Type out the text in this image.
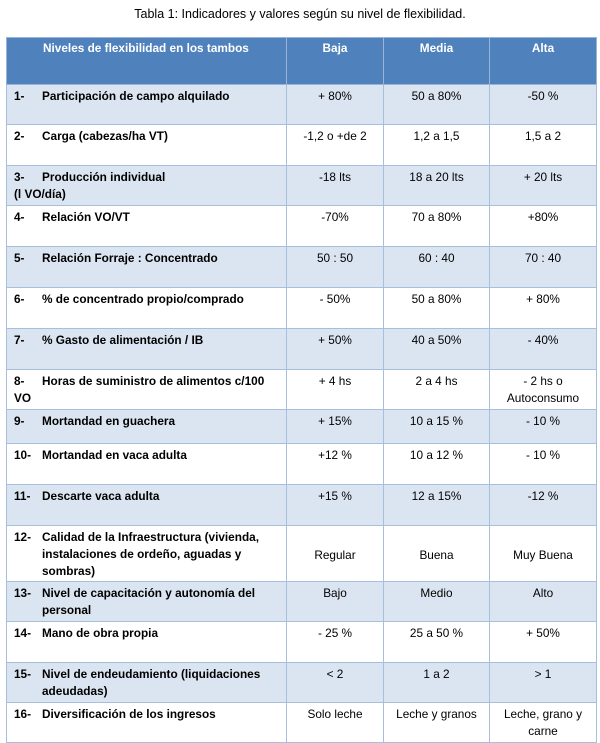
Tabla 1: Indicadores y valores según su nivel de flexibilidad.
Niveles de flexibilidad en los tambos	Baja	Media	Alta
1- Participación de campo alquilado	+ 80%	50 a 80%	-50 %
2- Carga (cabezas/ha VT)	-1,2 o +de 2	1,2 a 1,5	1,5 a 2
3- Producción individual
(l VO/día)	-18 lts	18 a 20 lts	+ 20 lts
4- Relación VO/VT	-70%	70 a 80%	+80%
5- Relación Forraje : Concentrado	50 : 50	60 : 40	70 : 40
6- % de concentrado propio/comprado	- 50%	50 a 80%	+ 80%
7- % Gasto de alimentación / IB	+ 50%	40 a 50%	- 40%
8- Horas de suministro de alimentos c/100
VO	+ 4 hs	2 a 4 hs	- 2 hs o
Autoconsumo
9- Mortandad en guachera	+ 15%	10 a 15 %	- 10 %
10- Mortandad en vaca adulta	+12 %	10 a 12 %	- 10 %
11- Descarte vaca adulta	+15 %	12 a 15%	-12 %
12- Calidad de la Infraestructura (vivienda,
instalaciones de ordeño, aguadas y
sombras)	Regular	Buena	Muy Buena
13- Nivel de capacitación y autonomía del
personal	Bajo	Medio	Alto
14- Mano de obra propia	- 25 %	25 a 50 %	+ 50%
15- Nivel de endeudamiento (liquidaciones
adeudadas)	< 2	1 a 2	> 1
16- Diversificación de los ingresos	Solo leche	Leche y granos	Leche, grano y
carne
